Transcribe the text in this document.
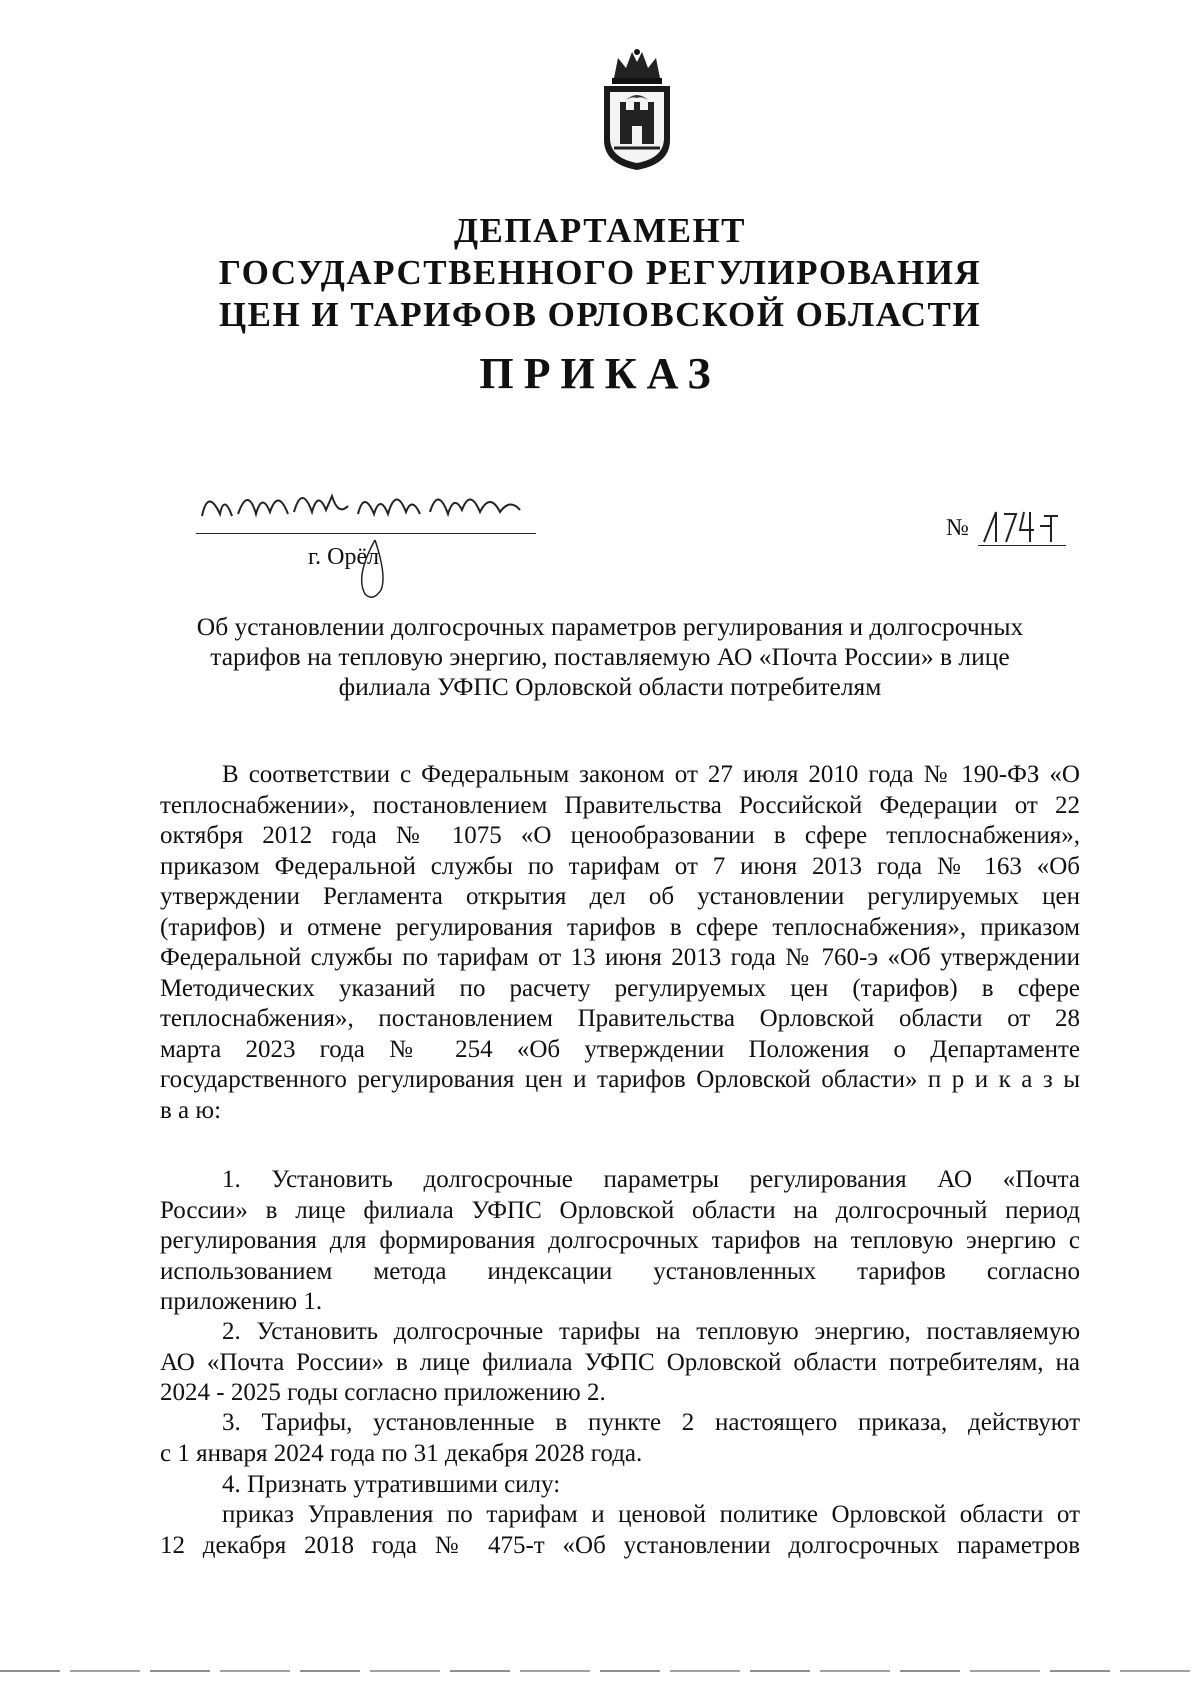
ДЕПАРТАМЕНТ
ГОСУДАРСТВЕННОГО РЕГУЛИРОВАНИЯ
ЦЕН И ТАРИФОВ ОРЛОВСКОЙ ОБЛАСТИ
ПРИКАЗ
г. Орёл
№

Об установлении долгосрочных параметров регулирования и долгосрочных
тарифов на тепловую энергию, поставляемую АО «Почта России» в лице
филиала УФПС Орловской области потребителям

В соответствии с Федеральным законом от 27 июля 2010 года № 190-ФЗ «О
теплоснабжении», постановлением Правительства Российской Федерации от 22
октября 2012 года № 1075 «О ценообразовании в сфере теплоснабжения»,
приказом Федеральной службы по тарифам от 7 июня 2013 года № 163 «Об
утверждении Регламента открытия дел об установлении регулируемых цен
(тарифов) и отмене регулирования тарифов в сфере теплоснабжения», приказом
Федеральной службы по тарифам от 13 июня 2013 года № 760-э «Об утверждении
Методических указаний по расчету регулируемых цен (тарифов) в сфере
теплоснабжения», постановлением Правительства Орловской области от 28
марта 2023 года № 254 «Об утверждении Положения о Департаменте
государственного регулирования цен и тарифов Орловской области» п р и к а з ы
в а ю:

1. Установить долгосрочные параметры регулирования АО «Почта
России» в лице филиала УФПС Орловской области на долгосрочный период
регулирования для формирования долгосрочных тарифов на тепловую энергию с
использованием метода индексации установленных тарифов согласно
приложению 1.

2. Установить долгосрочные тарифы на тепловую энергию, поставляемую
АО «Почта России» в лице филиала УФПС Орловской области потребителям, на
2024 - 2025 годы согласно приложению 2.

3. Тарифы, установленные в пункте 2 настоящего приказа, действуют
с 1 января 2024 года по 31 декабря 2028 года.

4. Признать утратившими силу:

приказ Управления по тарифам и ценовой политике Орловской области от
12 декабря 2018 года № 475-т «Об установлении долгосрочных параметров
